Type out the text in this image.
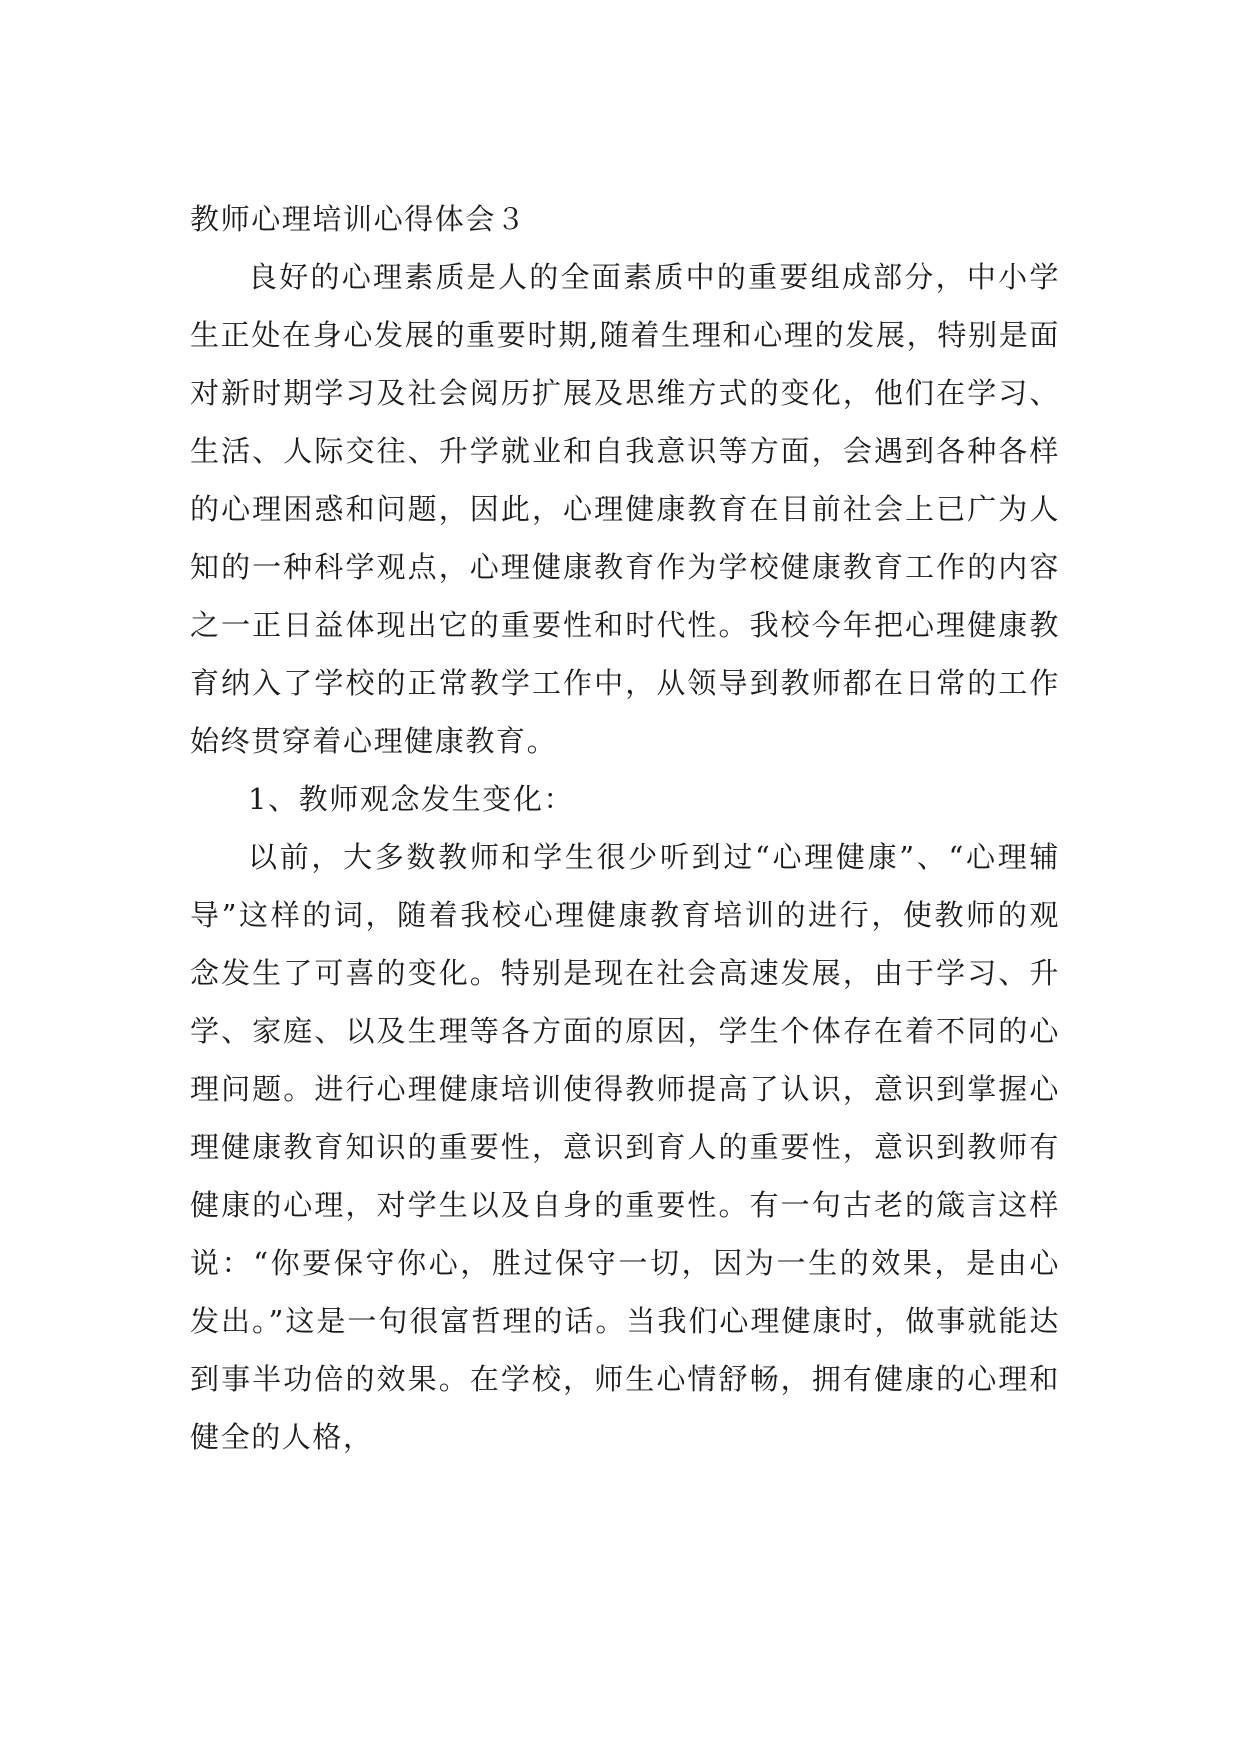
教师心理培训心得体会３

良好的心理素质是人的全面素质中的重要组成部分，中小学生正处在身心发展的重要时期,随着生理和心理的发展，特别是面对新时期学习及社会阅历扩展及思维方式的变化，他们在学习、生活、人际交往、升学就业和自我意识等方面，会遇到各种各样的心理困惑和问题，因此，心理健康教育在目前社会上已广为人知的一种科学观点，心理健康教育作为学校健康教育工作的内容之一正日益体现出它的重要性和时代性。我校今年把心理健康教育纳入了学校的正常教学工作中，从领导到教师都在日常的工作始终贯穿着心理健康教育。

1、教师观念发生变化：

以前，大多数教师和学生很少听到过“心理健康”、“心理辅导”这样的词，随着我校心理健康教育培训的进行，使教师的观念发生了可喜的变化。特别是现在社会高速发展，由于学习、升学、家庭、以及生理等各方面的原因，学生个体存在着不同的心理问题。进行心理健康培训使得教师提高了认识，意识到掌握心理健康教育知识的重要性，意识到育人的重要性，意识到教师有健康的心理，对学生以及自身的重要性。有一句古老的箴言这样说：“你要保守你心，胜过保守一切，因为一生的效果，是由心发出。”这是一句很富哲理的话。当我们心理健康时，做事就能达到事半功倍的效果。在学校，师生心情舒畅，拥有健康的心理和健全的人格，
